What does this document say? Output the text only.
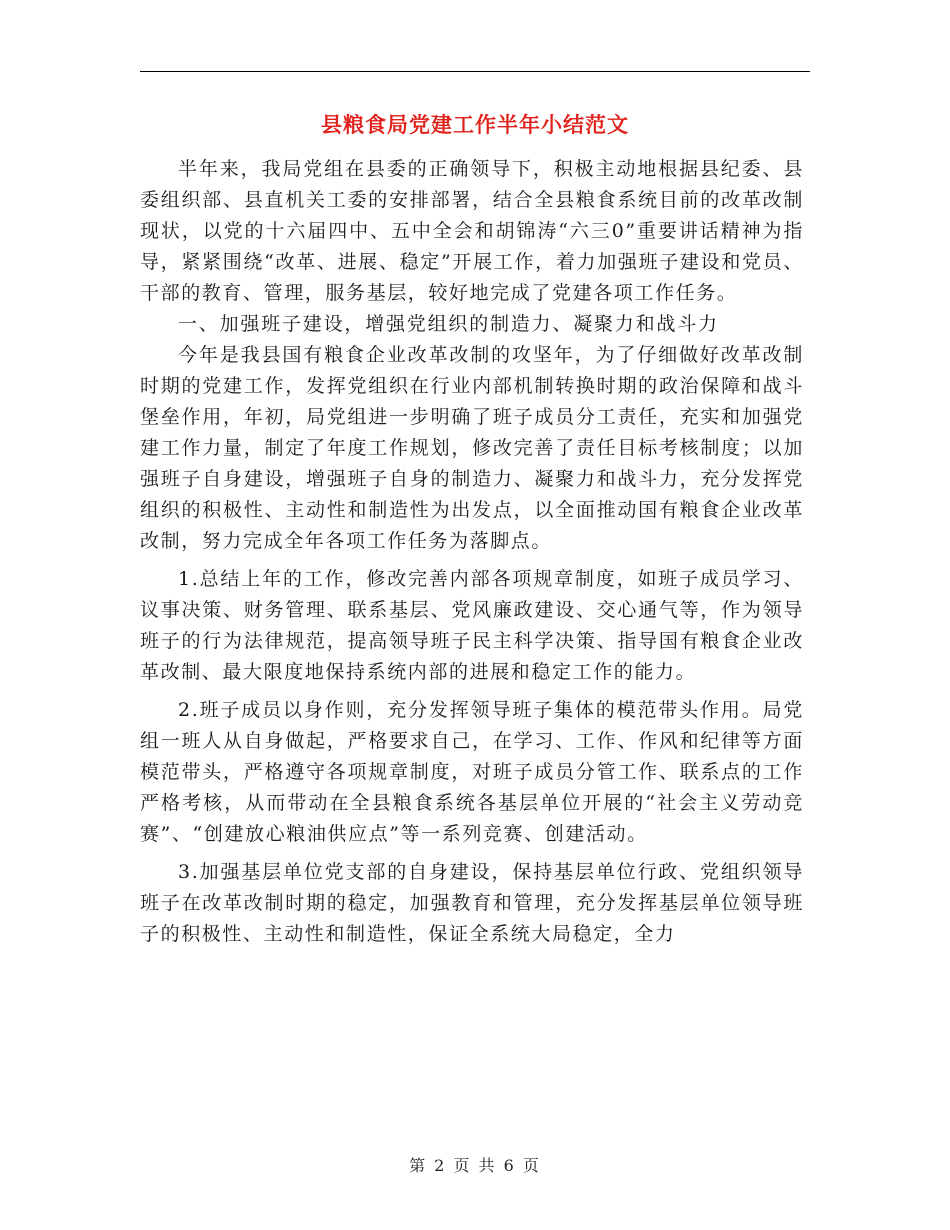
县粮食局党建工作半年小结范文

半年来，我局党组在县委的正确领导下，积极主动地根据县纪委、县委组织部、县直机关工委的安排部署，结合全县粮食系统目前的改革改制现状，以党的十六届四中、五中全会和胡锦涛“六三0”重要讲话精神为指导，紧紧围绕“改革、进展、稳定”开展工作，着力加强班子建设和党员、干部的教育、管理，服务基层，较好地完成了党建各项工作任务。

一、加强班子建设，增强党组织的制造力、凝聚力和战斗力

今年是我县国有粮食企业改革改制的攻坚年，为了仔细做好改革改制时期的党建工作，发挥党组织在行业内部机制转换时期的政治保障和战斗堡垒作用，年初，局党组进一步明确了班子成员分工责任，充实和加强党建工作力量，制定了年度工作规划，修改完善了责任目标考核制度；以加强班子自身建设，增强班子自身的制造力、凝聚力和战斗力，充分发挥党组织的积极性、主动性和制造性为出发点，以全面推动国有粮食企业改革改制，努力完成全年各项工作任务为落脚点。

1.总结上年的工作，修改完善内部各项规章制度，如班子成员学习、议事决策、财务管理、联系基层、党风廉政建设、交心通气等，作为领导班子的行为法律规范，提高领导班子民主科学决策、指导国有粮食企业改革改制、最大限度地保持系统内部的进展和稳定工作的能力。

2.班子成员以身作则，充分发挥领导班子集体的模范带头作用。局党组一班人从自身做起，严格要求自己，在学习、工作、作风和纪律等方面模范带头，严格遵守各项规章制度，对班子成员分管工作、联系点的工作严格考核，从而带动在全县粮食系统各基层单位开展的“社会主义劳动竞赛”、“创建放心粮油供应点”等一系列竞赛、创建活动。

3.加强基层单位党支部的自身建设，保持基层单位行政、党组织领导班子在改革改制时期的稳定，加强教育和管理，充分发挥基层单位领导班子的积极性、主动性和制造性，保证全系统大局稳定，全力

第 2 页 共 6 页
